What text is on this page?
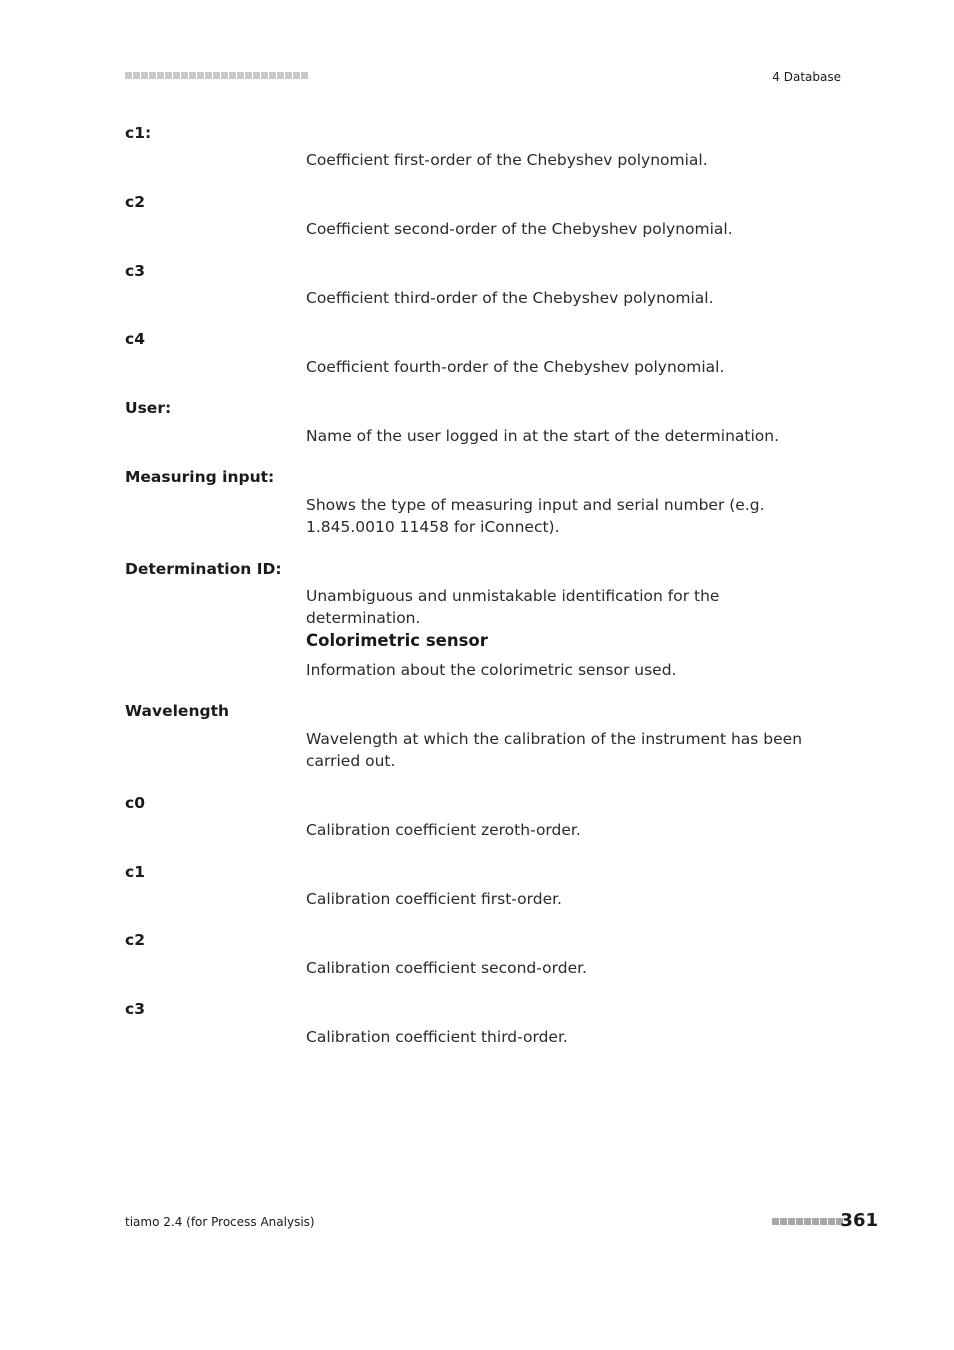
4 Database
c1:
Coefficient first-order of the Chebyshev polynomial.
c2
Coefficient second-order of the Chebyshev polynomial.
c3
Coefficient third-order of the Chebyshev polynomial.
c4
Coefficient fourth-order of the Chebyshev polynomial.
User:
Name of the user logged in at the start of the determination.
Measuring input:
Shows the type of measuring input and serial number (e.g. 1.845.0010 11458 for iConnect).
Determination ID:
Unambiguous and unmistakable identification for the determination.
Colorimetric sensor
Information about the colorimetric sensor used.
Wavelength
Wavelength at which the calibration of the instrument has been carried out.
c0
Calibration coefficient zeroth-order.
c1
Calibration coefficient first-order.
c2
Calibration coefficient second-order.
c3
Calibration coefficient third-order.
tiamo 2.4 (for Process Analysis)	361
